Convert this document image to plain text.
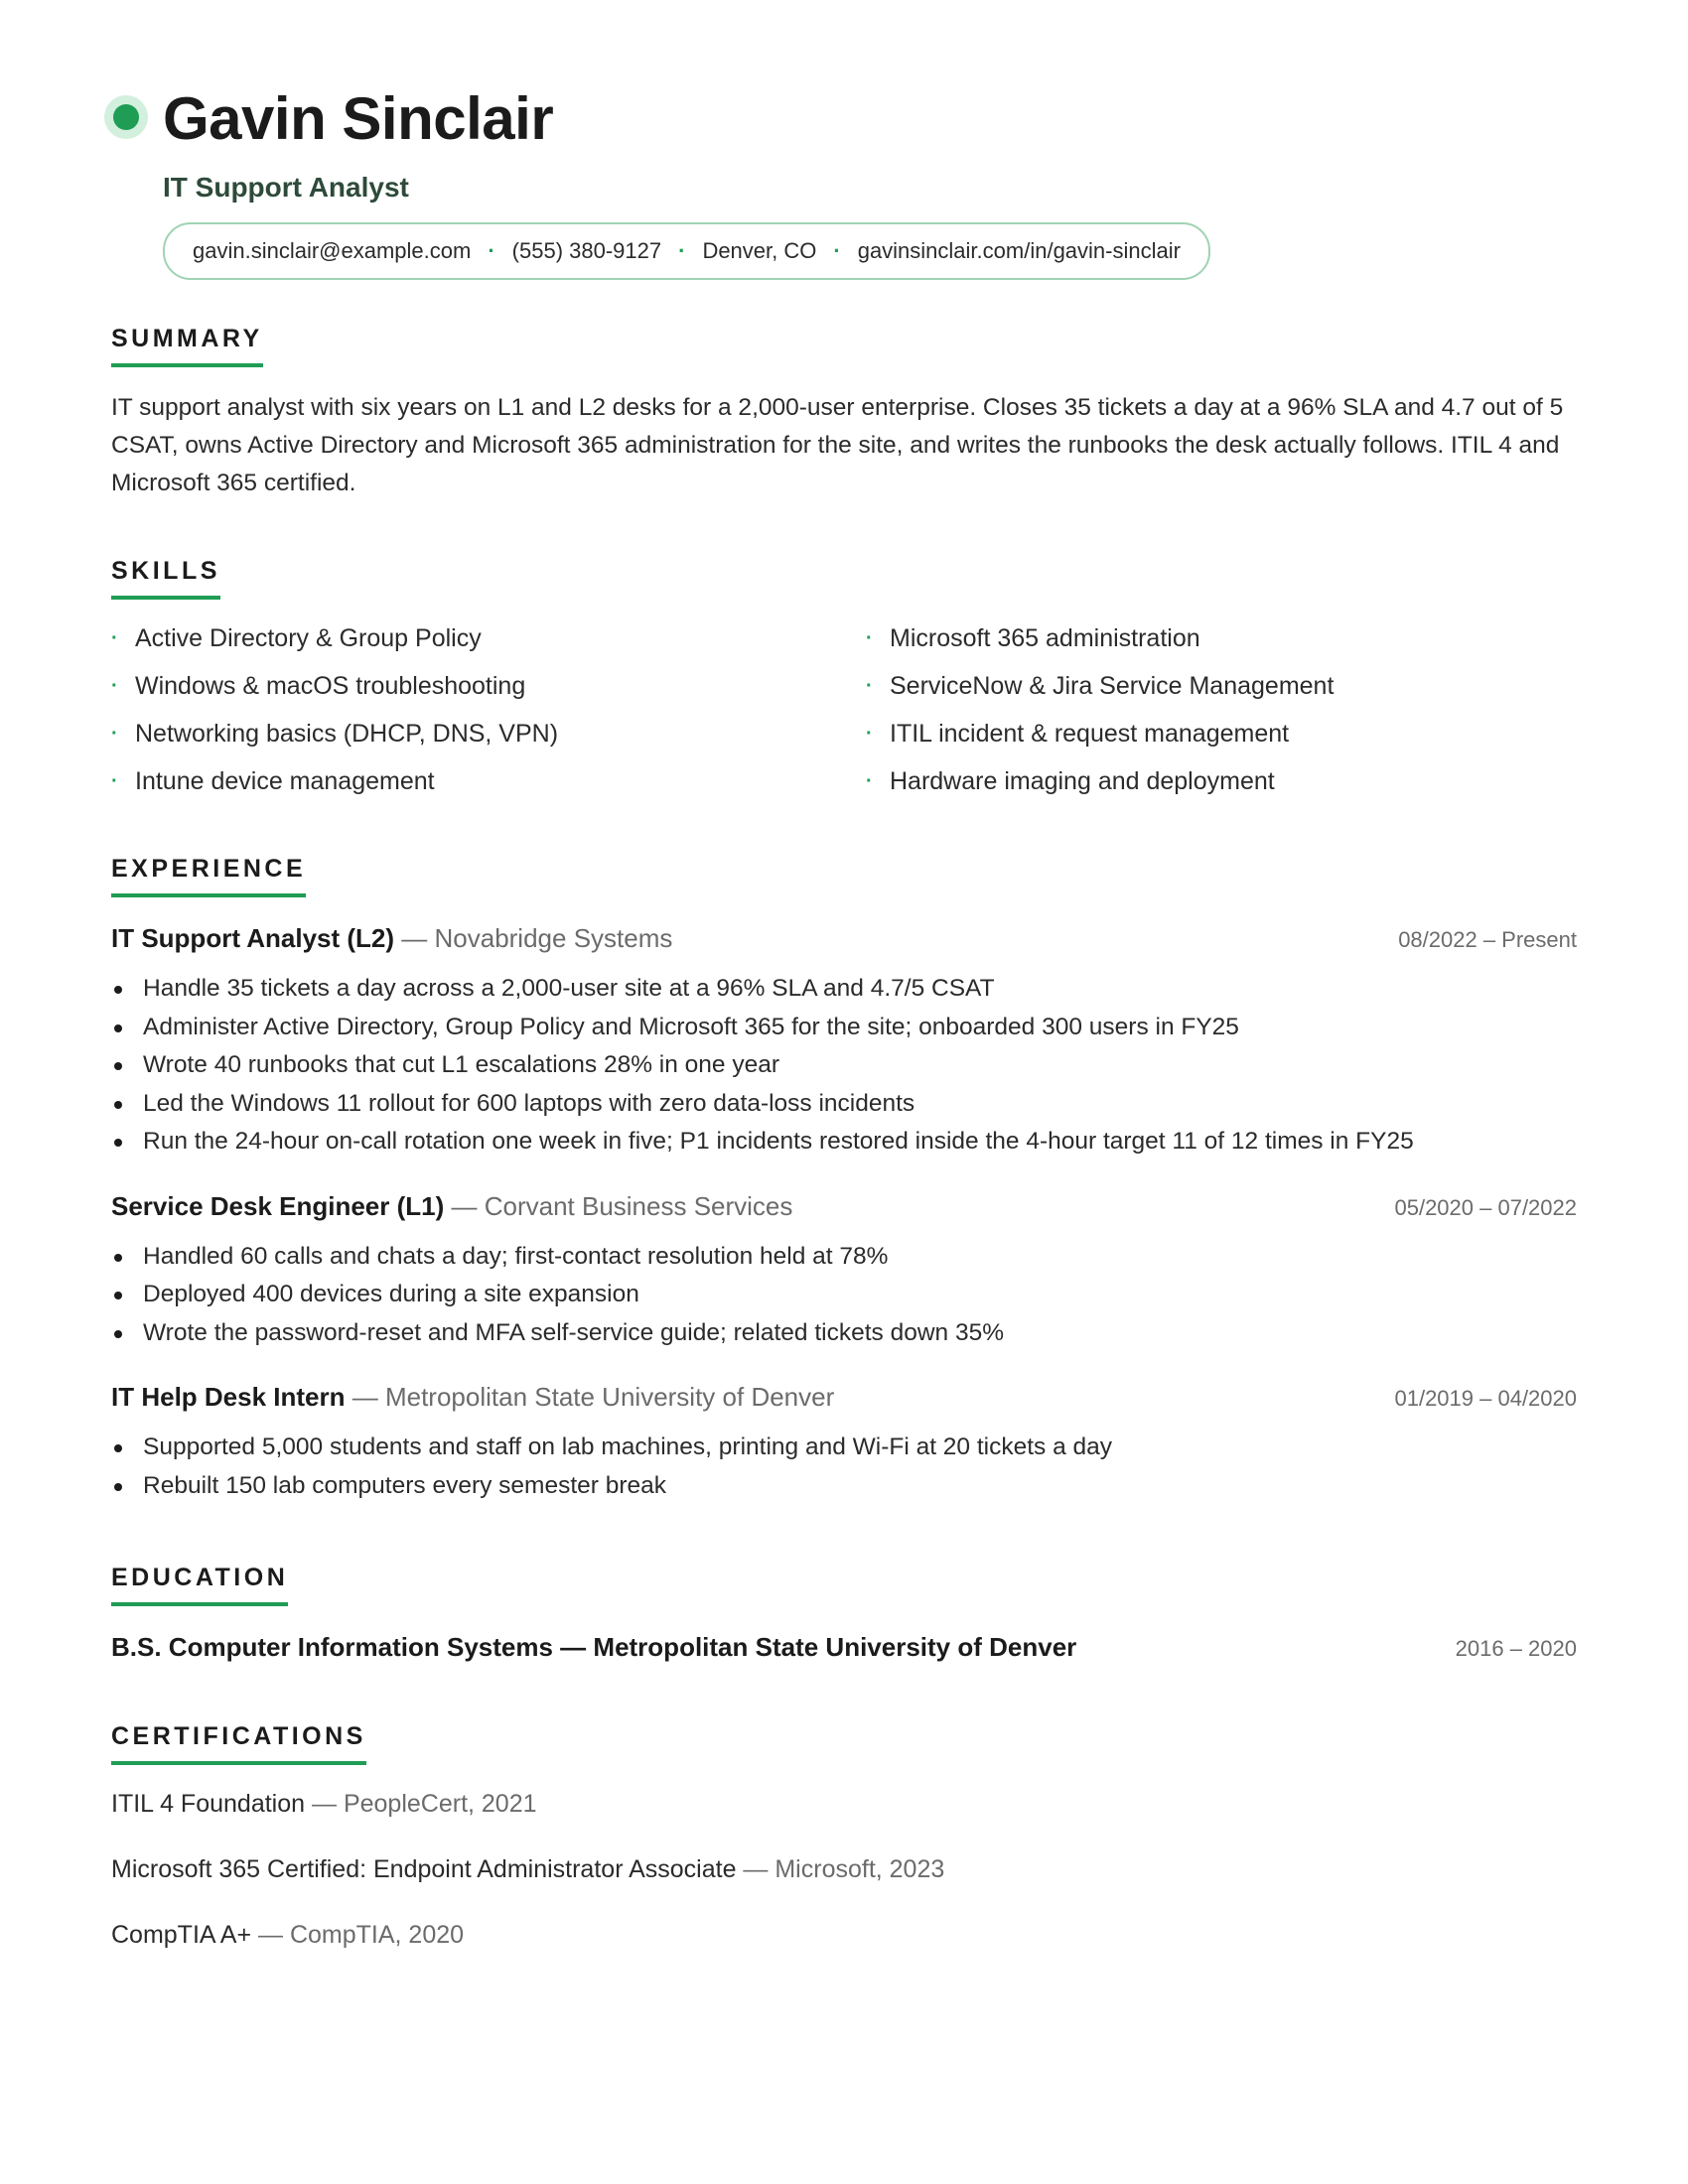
Gavin Sinclair
IT Support Analyst
gavin.sinclair@example.com · (555) 380-9127 · Denver, CO · gavinsinclair.com/in/gavin-sinclair
SUMMARY
IT support analyst with six years on L1 and L2 desks for a 2,000-user enterprise. Closes 35 tickets a day at a 96% SLA and 4.7 out of 5 CSAT, owns Active Directory and Microsoft 365 administration for the site, and writes the runbooks the desk actually follows. ITIL 4 and Microsoft 365 certified.
SKILLS
· Active Directory & Group Policy	· Microsoft 365 administration
· Windows & macOS troubleshooting	· ServiceNow & Jira Service Management
· Networking basics (DHCP, DNS, VPN)	· ITIL incident & request management
· Intune device management	· Hardware imaging and deployment
EXPERIENCE
IT Support Analyst (L2) — Novabridge Systems	08/2022 – Present
Handle 35 tickets a day across a 2,000-user site at a 96% SLA and 4.7/5 CSAT
Administer Active Directory, Group Policy and Microsoft 365 for the site; onboarded 300 users in FY25
Wrote 40 runbooks that cut L1 escalations 28% in one year
Led the Windows 11 rollout for 600 laptops with zero data-loss incidents
Run the 24-hour on-call rotation one week in five; P1 incidents restored inside the 4-hour target 11 of 12 times in FY25
Service Desk Engineer (L1) — Corvant Business Services	05/2020 – 07/2022
Handled 60 calls and chats a day; first-contact resolution held at 78%
Deployed 400 devices during a site expansion
Wrote the password-reset and MFA self-service guide; related tickets down 35%
IT Help Desk Intern — Metropolitan State University of Denver	01/2019 – 04/2020
Supported 5,000 students and staff on lab machines, printing and Wi-Fi at 20 tickets a day
Rebuilt 150 lab computers every semester break
EDUCATION
B.S. Computer Information Systems — Metropolitan State University of Denver	2016 – 2020
CERTIFICATIONS
ITIL 4 Foundation — PeopleCert, 2021
Microsoft 365 Certified: Endpoint Administrator Associate — Microsoft, 2023
CompTIA A+ — CompTIA, 2020
